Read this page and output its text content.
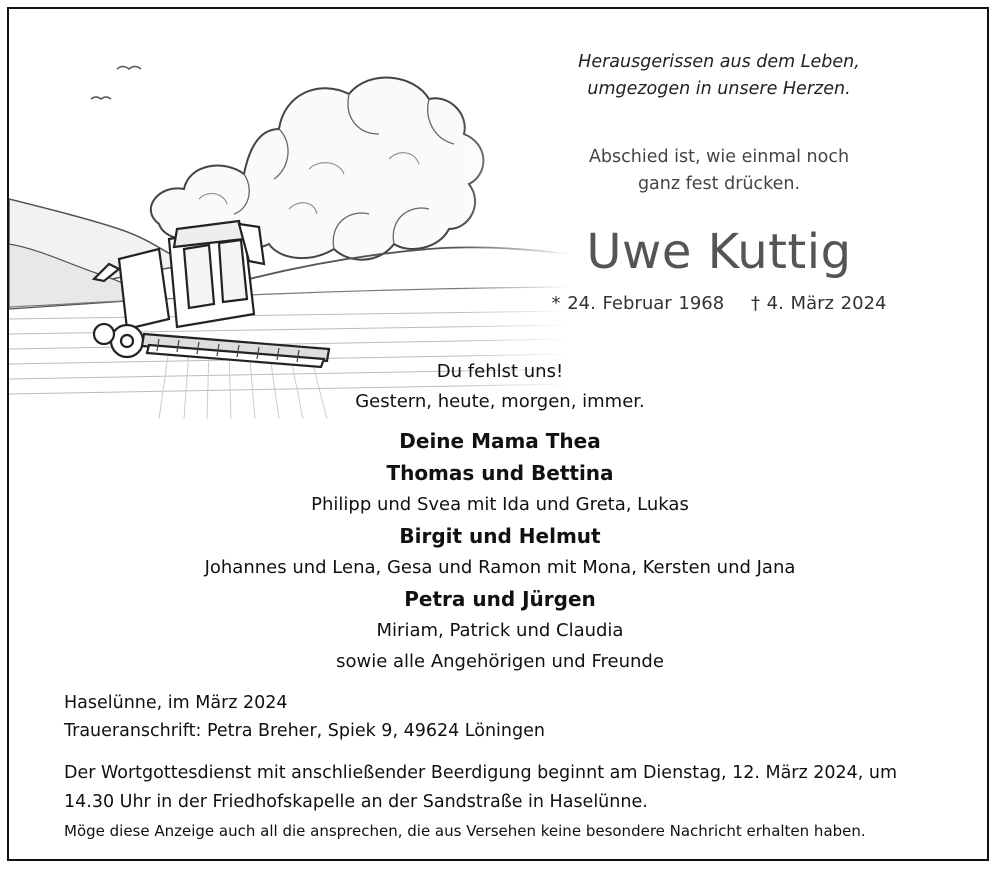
Herausgerissen aus dem Leben,
umgezogen in unsere Herzen.
Abschied ist, wie einmal noch
ganz fest drücken.
Uwe Kuttig
* 24. Februar 1968 † 4. März 2024
Du fehlst uns!
Gestern, heute, morgen, immer.
Deine Mama Thea
Thomas und Bettina
Philipp und Svea mit Ida und Greta, Lukas
Birgit und Helmut
Johannes und Lena, Gesa und Ramon mit Mona, Kersten und Jana
Petra und Jürgen
Miriam, Patrick und Claudia
sowie alle Angehörigen und Freunde
Haselünne, im März 2024
Traueranschrift: Petra Breher, Spiek 9, 49624 Löningen
Der Wortgottesdienst mit anschließender Beerdigung beginnt am Dienstag, 12. März 2024, um
14.30 Uhr in der Friedhofskapelle an der Sandstraße in Haselünne.
Möge diese Anzeige auch all die ansprechen, die aus Versehen keine besondere Nachricht erhalten haben.
